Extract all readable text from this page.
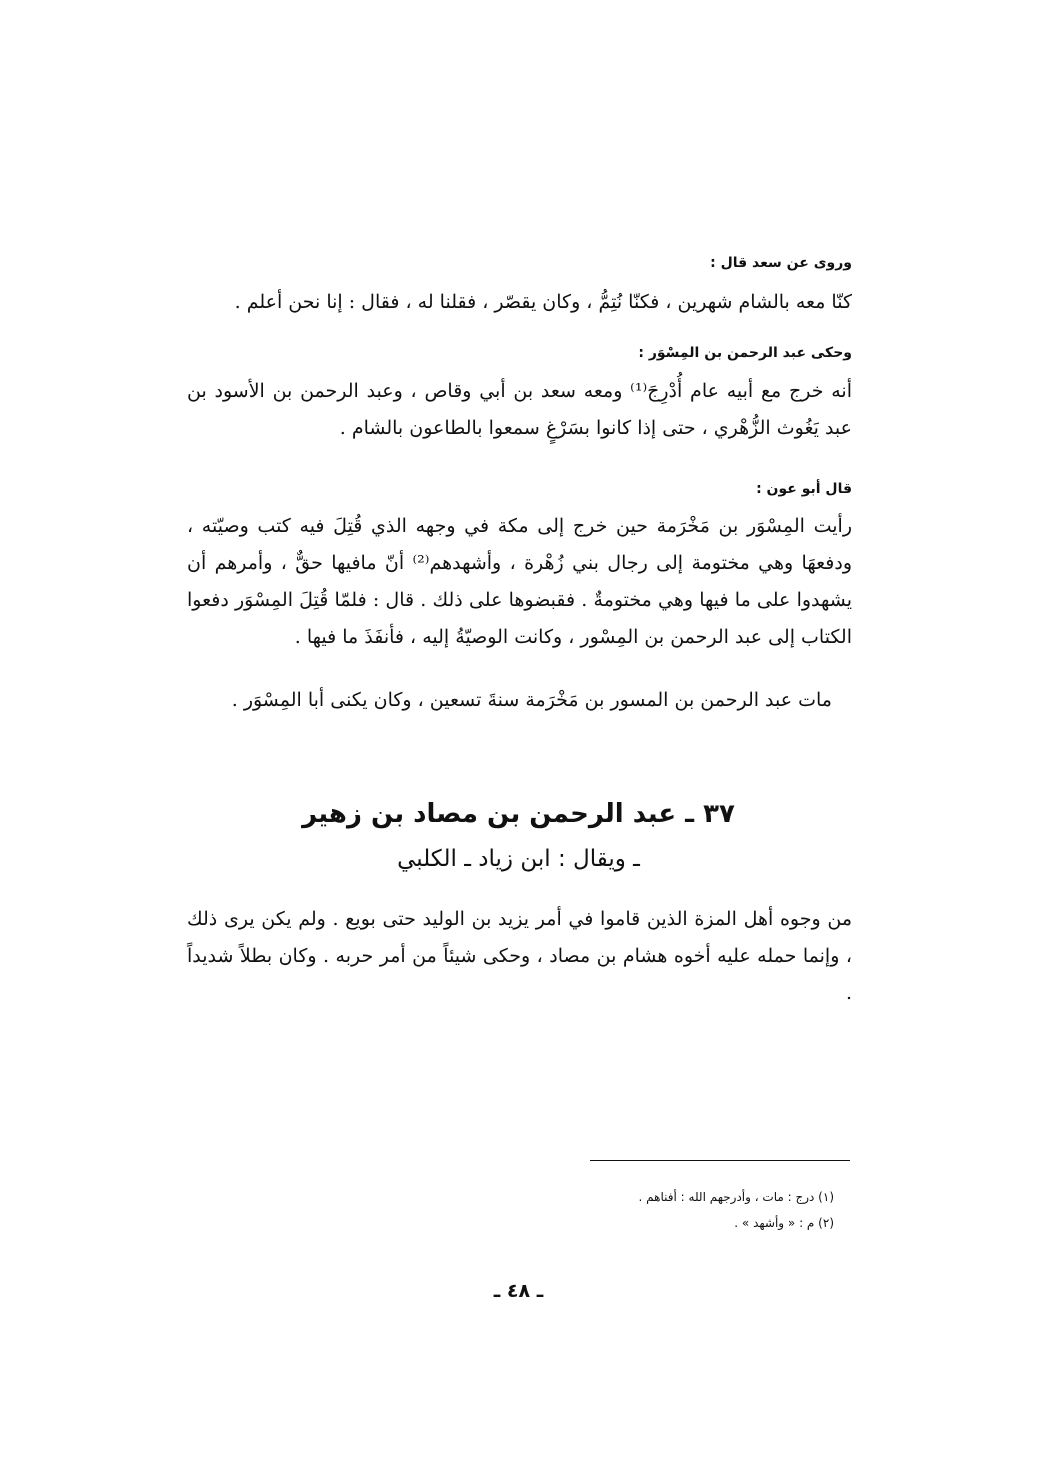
وروى عن سعد قال :
كنّا معه بالشام شهرين ، فكنّا نُتِمُّ ، وكان يقصّر ، فقلنا له ، فقال : إنا نحن أعلم .
وحكى عبد الرحمن بن المِسْوَر :
أنه خرج مع أبيه عام أُدْرِجَ⁽¹⁾ ومعه سعد بن أبي وقاص ، وعبد الرحمن بن الأسود بن عبد يَغُوث الزُّهْري ، حتى إذا كانوا بسَرْغٍ سمعوا بالطاعون بالشام .
قال أبو عون :
رأيت المِسْوَر بن مَخْرَمة حين خرج إلى مكة في وجهه الذي قُتِلَ فيه كتب وصيّته ، ودفعهَا وهي مختومة إلى رجال بني زُهْرة ، وأشهدهم⁽²⁾ أنّ مافيها حقٌّ ، وأمرهم أن يشهدوا على ما فيها وهي مختومةٌ . فقبضوها على ذلك . قال : فلمّا قُتِلَ المِسْوَر دفعوا الكتاب إلى عبد الرحمن بن المِسْور ، وكانت الوصيّةُ إليه ، فأنفَذَ ما فيها .
مات عبد الرحمن بن المسور بن مَخْرَمة سنةَ تسعين ، وكان يكنى أبا المِسْوَر .
٣٧ ـ عبد الرحمن بن مصاد بن زهير
ـ ويقال : ابن زياد ـ الكلبي
من وجوه أهل المزة الذين قاموا في أمر يزيد بن الوليد حتى بويع . ولم يكن يرى ذلك ، وإنما حمله عليه أخوه هشام بن مصاد ، وحكى شيئاً من أمر حربه . وكان بطلاً شديداً .
(١) درج : مات ، وأدرجهم الله : أفناهم .
(٢) م : « وأشهد » .
ـ ٤٨ ـ
